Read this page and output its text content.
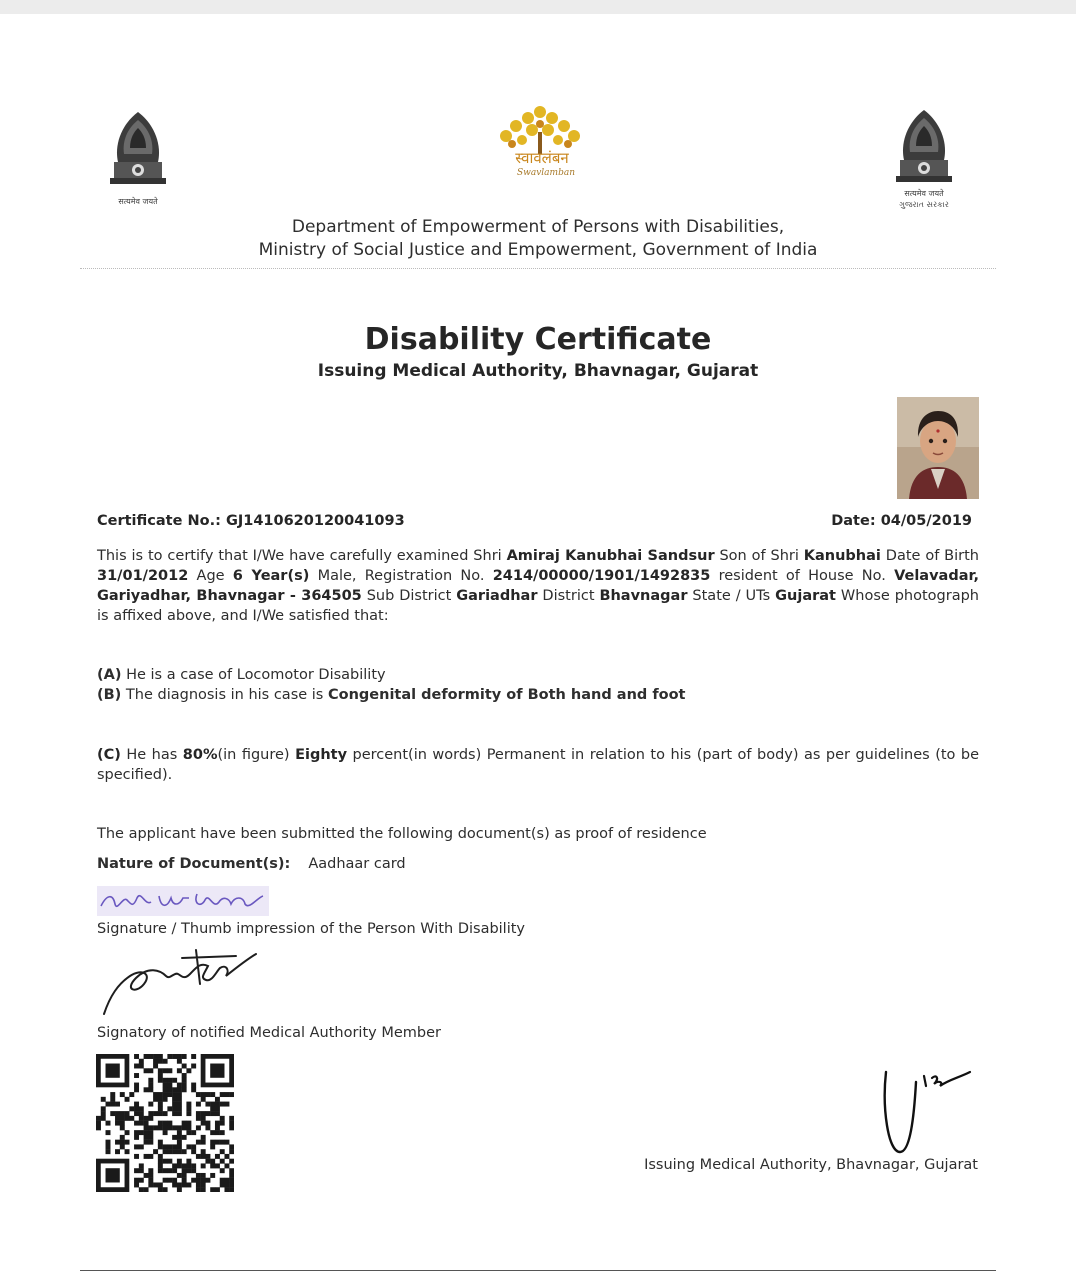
सत्यमेव जयते
स्वावलंबन
Swavlamban
सत्यमेव जयते
ગુજરાત સરકાર
Department of Empowerment of Persons with Disabilities,
Ministry of Social Justice and Empowerment, Government of India
Disability Certificate
Issuing Medical Authority, Bhavnagar, Gujarat
Certificate No.: GJ1410620120041093	Date: 04/05/2019
This is to certify that I/We have carefully examined Shri Amiraj Kanubhai Sandsur Son of Shri Kanubhai Date of Birth 31/01/2012 Age 6 Year(s) Male, Registration No. 2414/00000/1901/1492835 resident of House No. Velavadar, Gariyadhar, Bhavnagar - 364505 Sub District Gariadhar District Bhavnagar State / UTs Gujarat Whose photograph is affixed above, and I/We satisfied that:
(A) He is a case of Locomotor Disability
(B) The diagnosis in his case is Congenital deformity of Both hand and foot
(C) He has 80%(in figure) Eighty percent(in words) Permanent in relation to his (part of body) as per guidelines (to be specified).
The applicant have been submitted the following document(s) as proof of residence
Nature of Document(s): Aadhaar card
Signature / Thumb impression of the Person With Disability
Signatory of notified Medical Authority Member
Issuing Medical Authority, Bhavnagar, Gujarat
